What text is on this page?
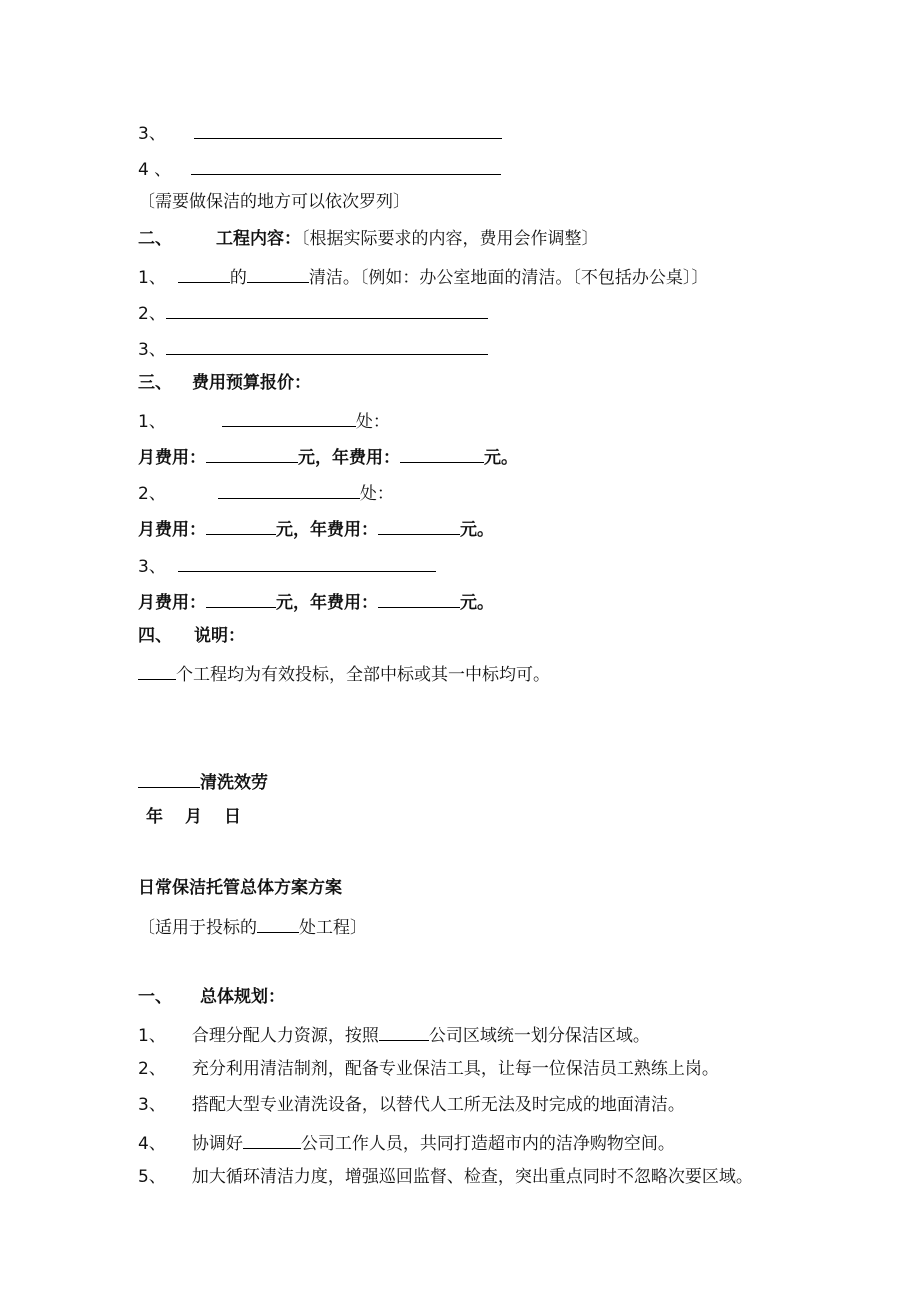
3、
4 、
〔需要做保洁的地方可以依次罗列〕
二、	工程内容：〔根据实际要求的内容，费用会作调整〕
1、	的	清洁。〔例如：办公室地面的清洁。〔不包括办公桌〕〕
2、
3、
三、 费用预算报价：
1、	处：
月费用：	元，年费用：	元。
2、	处：
月费用：	元，年费用：	元。
3、
月费用：	元，年费用：	元。
四、 说明：
个工程均为有效投标，全部中标或其一中标均可。
清洗效劳
年 月 日
日常保洁托管总体方案方案
〔适用于投标的 处工程〕
一、 总体规划：
1、 合理分配人力资源，按照	公司区域统一划分保洁区域。
2、 充分利用清洁制剂，配备专业保洁工具，让每一位保洁员工熟练上岗。
3、 搭配大型专业清洗设备，以替代人工所无法及时完成的地面清洁。
4、 协调好	公司工作人员，共同打造超市内的洁净购物空间。
5、 加大循环清洁力度，增强巡回监督、检查，突出重点同时不忽略次要区域。
